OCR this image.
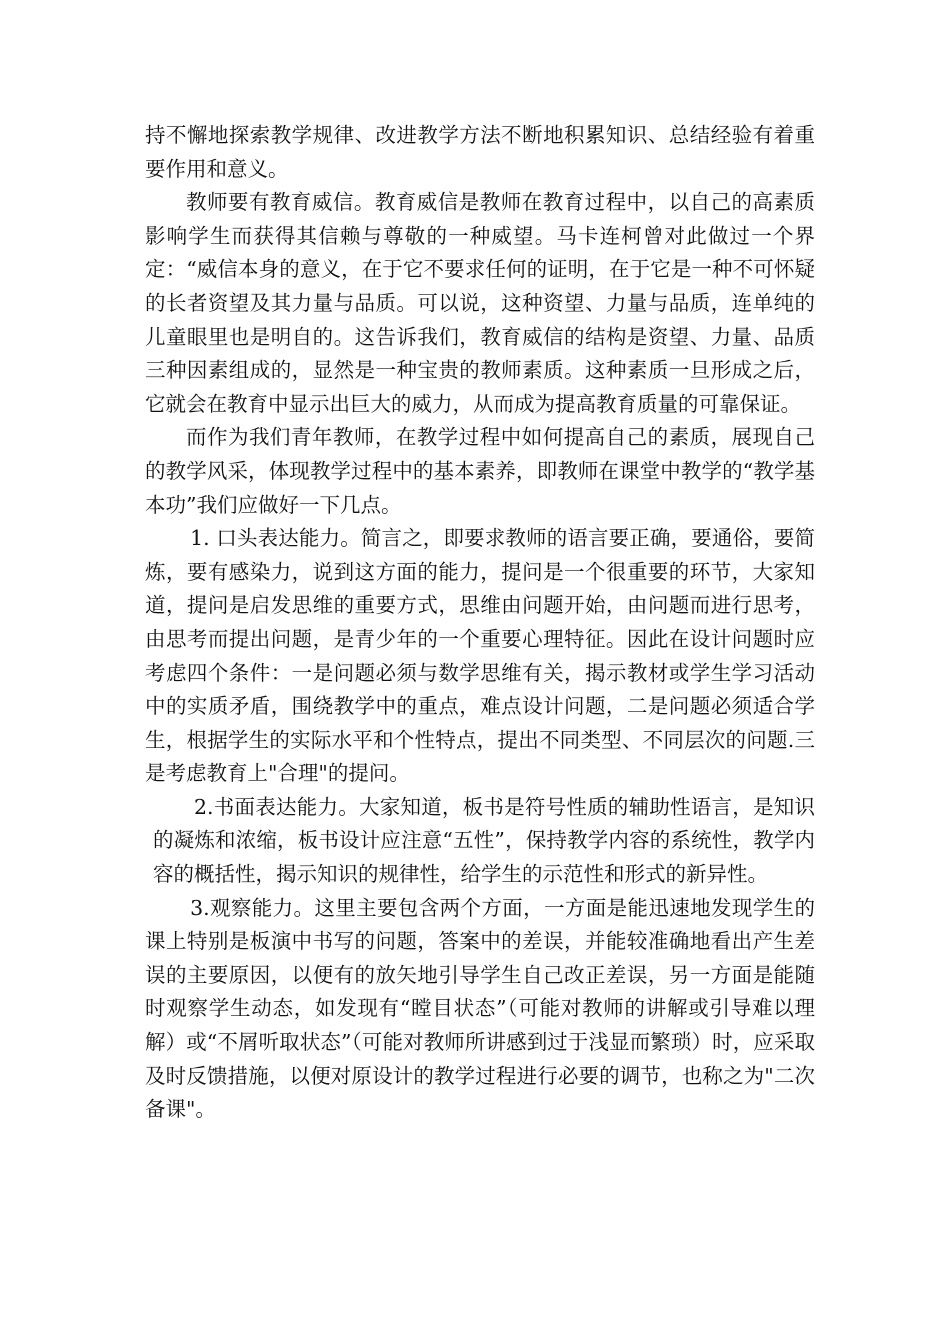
持不懈地探索教学规律、改进教学方法不断地积累知识、总结经验有着重要作用和意义。

教师要有教育威信。教育威信是教师在教育过程中，以自己的高素质影响学生而获得其信赖与尊敬的一种威望。马卡连柯曾对此做过一个界定：“威信本身的意义，在于它不要求任何的证明，在于它是一种不可怀疑的长者资望及其力量与品质。可以说，这种资望、力量与品质，连单纯的儿童眼里也是明自的。这告诉我们，教育威信的结构是资望、力量、品质三种因素组成的，显然是一种宝贵的教师素质。这种素质一旦形成之后，它就会在教育中显示出巨大的威力，从而成为提高教育质量的可靠保证。

而作为我们青年教师，在教学过程中如何提高自己的素质，展现自己的教学风采，体现教学过程中的基本素养，即教师在课堂中教学的“教学基本功”我们应做好一下几点。

1. 口头表达能力。简言之，即要求教师的语言要正确，要通俗，要简炼，要有感染力，说到这方面的能力，提问是一个很重要的环节，大家知道，提问是启发思维的重要方式，思维由问题开始，由问题而进行思考，由思考而提出问题，是青少年的一个重要心理特征。因此在设计问题时应考虑四个条件：一是问题必须与数学思维有关，揭示教材或学生学习活动中的实质矛盾，围绕教学中的重点，难点设计问题，二是问题必须适合学生，根据学生的实际水平和个性特点，提出不同类型、不同层次的问题.三是考虑教育上"合理"的提问。

2.书面表达能力。大家知道，板书是符号性质的辅助性语言，是知识的凝炼和浓缩，板书设计应注意“五性”，保持教学内容的系统性，教学内容的概括性，揭示知识的规律性，给学生的示范性和形式的新异性。

3.观察能力。这里主要包含两个方面，一方面是能迅速地发现学生的课上特别是板演中书写的问题，答案中的差误，并能较准确地看出产生差误的主要原因，以便有的放矢地引导学生自己改正差误，另一方面是能随时观察学生动态，如发现有“瞠目状态”（可能对教师的讲解或引导难以理解）或“不屑听取状态”（可能对教师所讲感到过于浅显而繁琐）时，应采取及时反馈措施，以便对原设计的教学过程进行必要的调节，也称之为"二次备课"。
